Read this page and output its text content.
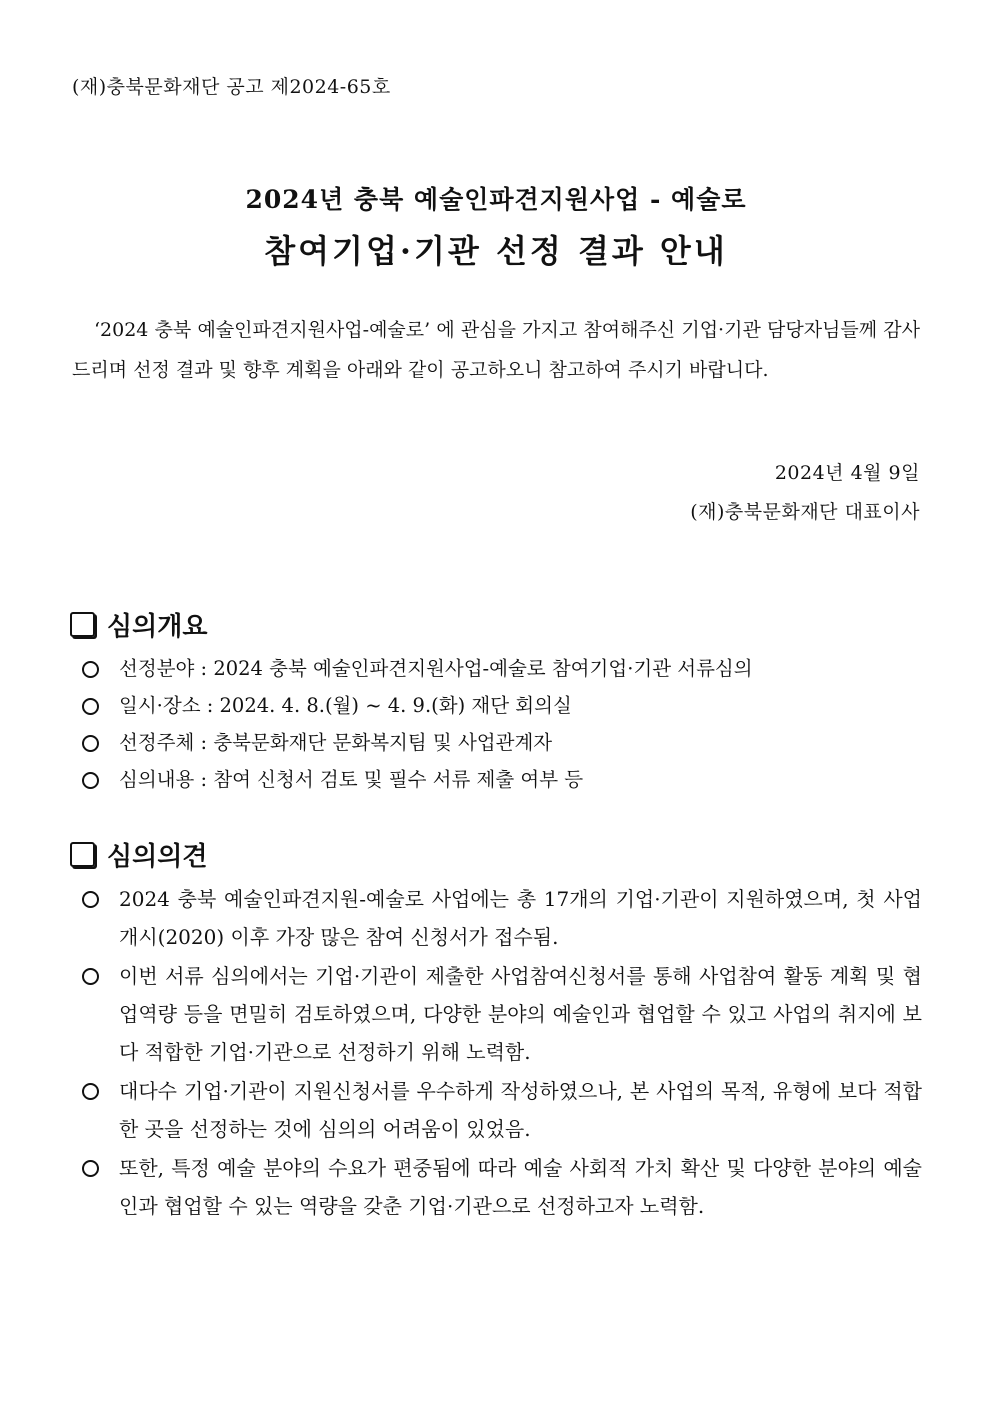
(재)충북문화재단 공고 제2024-65호
2024년 충북 예술인파견지원사업 - 예술로
참여기업·기관 선정 결과 안내
‘2024 충북 예술인파견지원사업-예술로’ 에 관심을 가지고 참여해주신 기업·기관 담당자님들께 감사드리며 선정 결과 및 향후 계획을 아래와 같이 공고하오니 참고하여 주시기 바랍니다.
2024년 4월 9일
(재)충북문화재단 대표이사
심의개요
선정분야 : 2024 충북 예술인파견지원사업-예술로 참여기업·기관 서류심의
일시·장소 : 2024. 4. 8.(월) ~ 4. 9.(화) 재단 회의실
선정주체 : 충북문화재단 문화복지팀 및 사업관계자
심의내용 : 참여 신청서 검토 및 필수 서류 제출 여부 등
심의의견
2024 충북 예술인파견지원-예술로 사업에는 총 17개의 기업·기관이 지원하였으며, 첫 사업 개시(2020) 이후 가장 많은 참여 신청서가 접수됨.
이번 서류 심의에서는 기업·기관이 제출한 사업참여신청서를 통해 사업참여 활동 계획 및 협업역량 등을 면밀히 검토하였으며, 다양한 분야의 예술인과 협업할 수 있고 사업의 취지에 보다 적합한 기업·기관으로 선정하기 위해 노력함.
대다수 기업·기관이 지원신청서를 우수하게 작성하였으나, 본 사업의 목적, 유형에 보다 적합한 곳을 선정하는 것에 심의의 어려움이 있었음.
또한, 특정 예술 분야의 수요가 편중됨에 따라 예술 사회적 가치 확산 및 다양한 분야의 예술인과 협업할 수 있는 역량을 갖춘 기업·기관으로 선정하고자 노력함.
